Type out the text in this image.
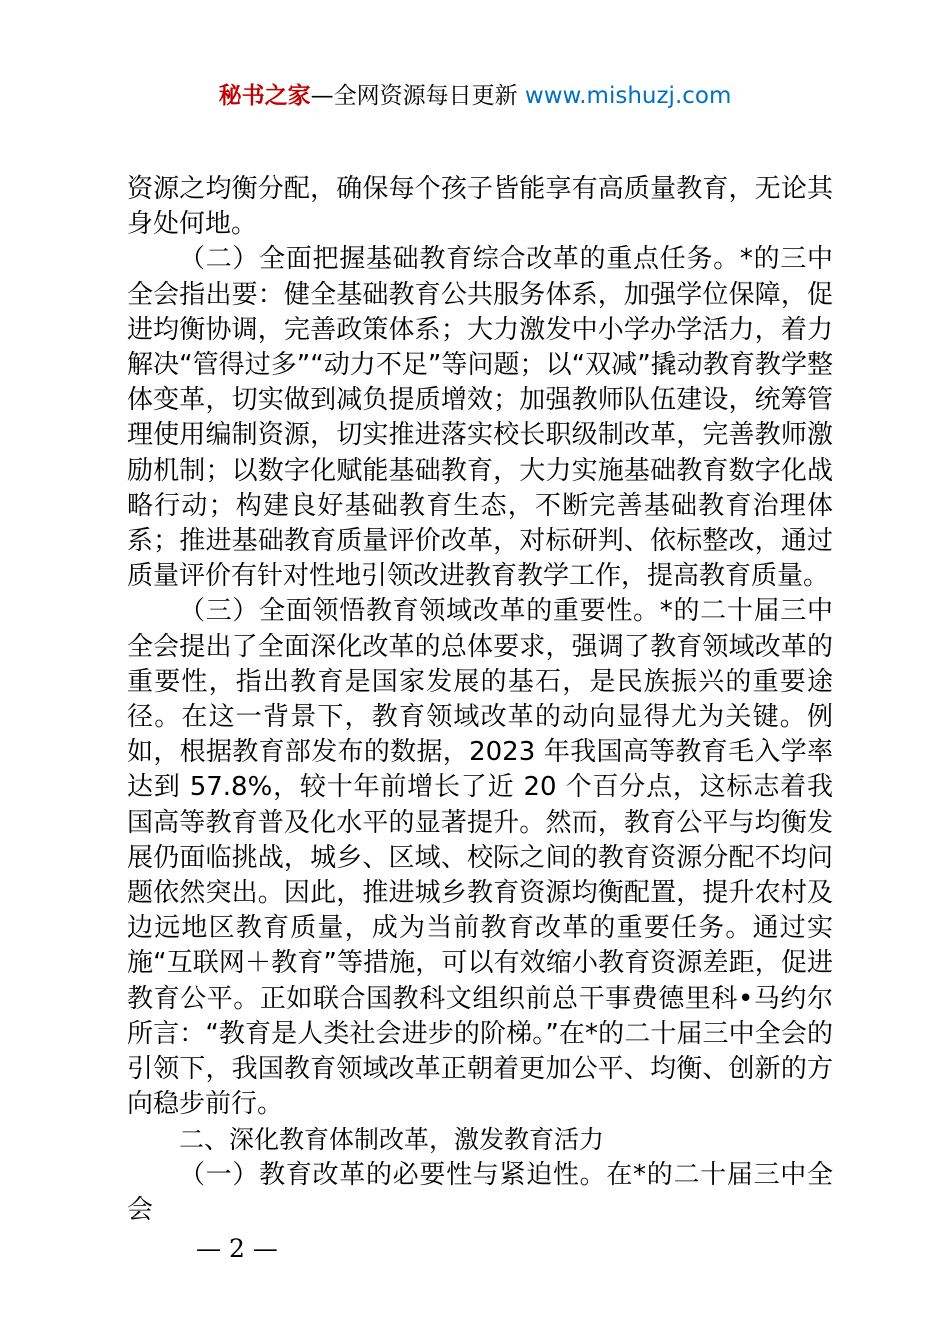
秘书之家—全网资源每日更新 www.mishuzj.com

资源之均衡分配，确保每个孩子皆能享有高质量教育，无论其身处何地。

（二）全面把握基础教育综合改革的重点任务。*的三中全会指出要：健全基础教育公共服务体系，加强学位保障，促进均衡协调，完善政策体系；大力激发中小学办学活力，着力解决“管得过多”“动力不足”等问题；以“双减”撬动教育教学整体变革，切实做到减负提质增效；加强教师队伍建设，统筹管理使用编制资源，切实推进落实校长职级制改革，完善教师激励机制；以数字化赋能基础教育，大力实施基础教育数字化战略行动；构建良好基础教育生态，不断完善基础教育治理体系；推进基础教育质量评价改革，对标研判、依标整改，通过质量评价有针对性地引领改进教育教学工作，提高教育质量。

（三）全面领悟教育领域改革的重要性。*的二十届三中全会提出了全面深化改革的总体要求，强调了教育领域改革的重要性，指出教育是国家发展的基石，是民族振兴的重要途径。在这一背景下，教育领域改革的动向显得尤为关键。例如，根据教育部发布的数据，2023 年我国高等教育毛入学率达到 57.8%，较十年前增长了近 20 个百分点，这标志着我国高等教育普及化水平的显著提升。然而，教育公平与均衡发展仍面临挑战，城乡、区域、校际之间的教育资源分配不均问题依然突出。因此，推进城乡教育资源均衡配置，提升农村及边远地区教育质量，成为当前教育改革的重要任务。通过实施“互联网＋教育”等措施，可以有效缩小教育资源差距，促进教育公平。正如联合国教科文组织前总干事费德里科•马约尔所言：“教育是人类社会进步的阶梯。”在*的二十届三中全会的引领下，我国教育领域改革正朝着更加公平、均衡、创新的方向稳步前行。

二、深化教育体制改革，激发教育活力

（一）教育改革的必要性与紧迫性。在*的二十届三中全会

— 2 —
